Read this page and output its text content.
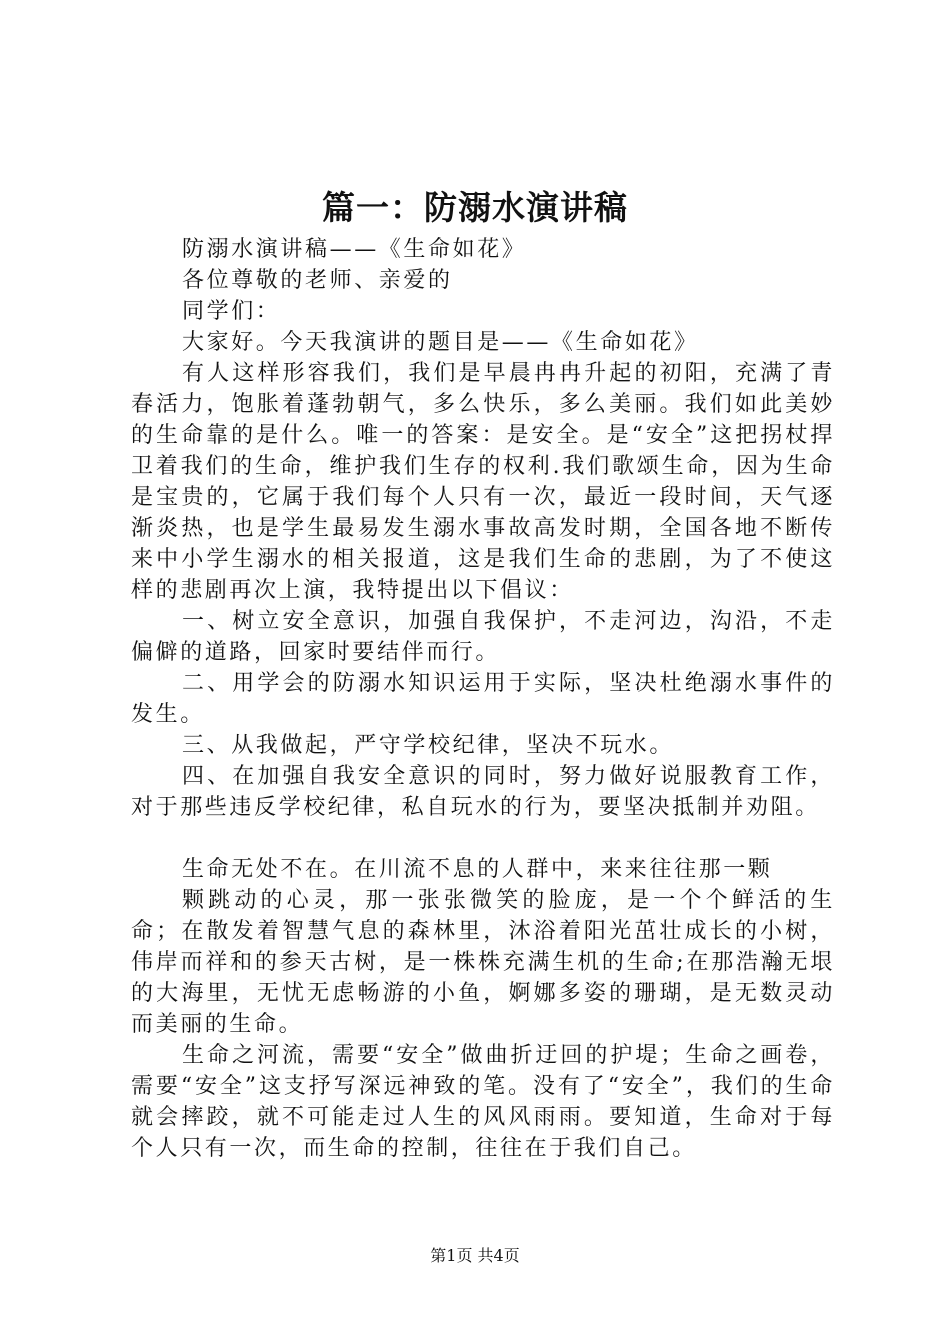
篇一：防溺水演讲稿

防溺水演讲稿——《生命如花》

各位尊敬的老师、亲爱的

同学们：

大家好。今天我演讲的题目是——《生命如花》

有人这样形容我们，我们是早晨冉冉升起的初阳，充满了青春活力，饱胀着蓬勃朝气，多么快乐，多么美丽。我们如此美妙的生命靠的是什么。唯一的答案：是安全。是“安全”这把拐杖捍卫着我们的生命，维护我们生存的权利.我们歌颂生命，因为生命是宝贵的，它属于我们每个人只有一次，最近一段时间，天气逐渐炎热，也是学生最易发生溺水事故高发时期，全国各地不断传来中小学生溺水的相关报道，这是我们生命的悲剧，为了不使这样的悲剧再次上演，我特提出以下倡议：

一、树立安全意识，加强自我保护，不走河边，沟沿，不走偏僻的道路，回家时要结伴而行。

二、用学会的防溺水知识运用于实际，坚决杜绝溺水事件的发生。

三、从我做起，严守学校纪律，坚决不玩水。

四、在加强自我安全意识的同时，努力做好说服教育工作，对于那些违反学校纪律，私自玩水的行为，要坚决抵制并劝阻。

生命无处不在。在川流不息的人群中，来来往往那一颗

颗跳动的心灵，那一张张微笑的脸庞，是一个个鲜活的生命；在散发着智慧气息的森林里，沐浴着阳光茁壮成长的小树，伟岸而祥和的参天古树，是一株株充满生机的生命;在那浩瀚无垠的大海里，无忧无虑畅游的小鱼，婀娜多姿的珊瑚，是无数灵动而美丽的生命。

生命之河流，需要“安全”做曲折迂回的护堤；生命之画卷，需要“安全”这支抒写深远神致的笔。没有了“安全”，我们的生命就会摔跤，就不可能走过人生的风风雨雨。要知道，生命对于每个人只有一次，而生命的控制，往往在于我们自己。

第1页 共4页
